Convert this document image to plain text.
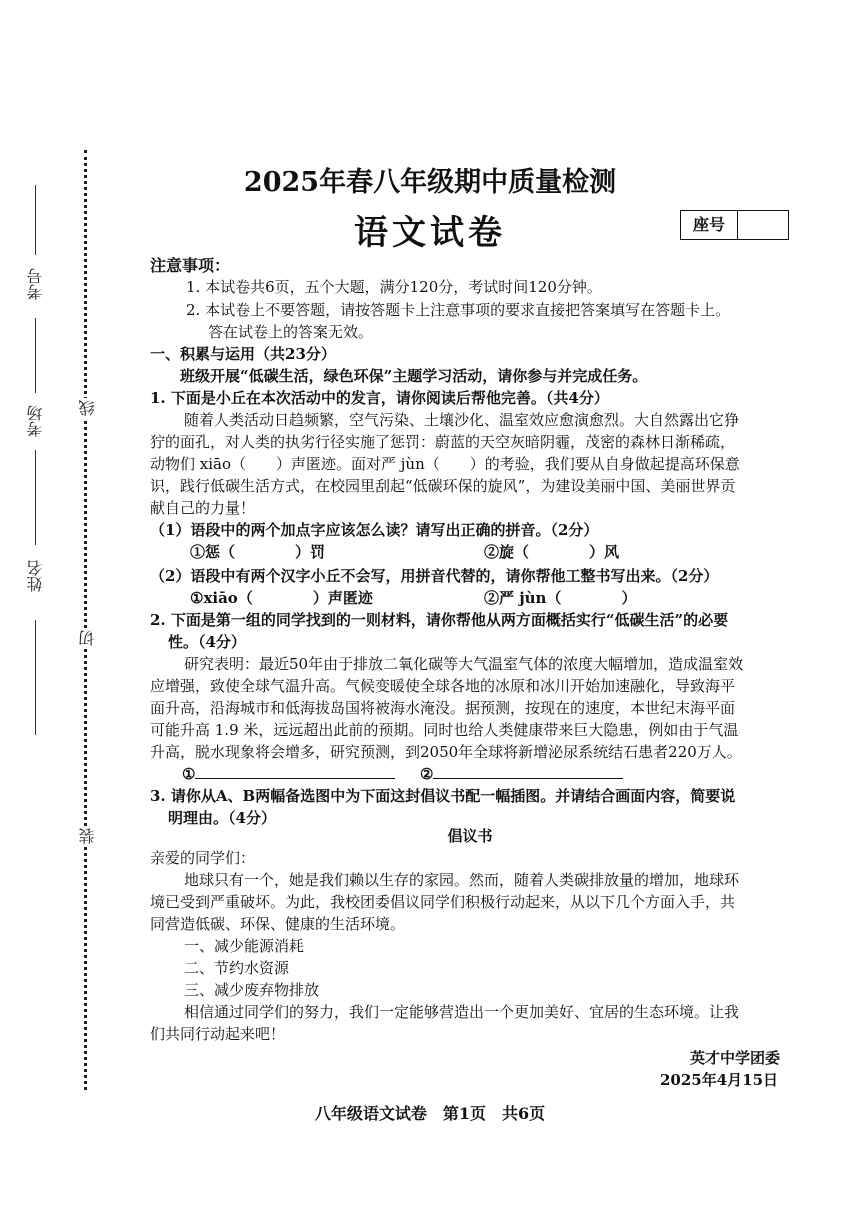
考号
考场
姓名
线
切
装
2025年春八年级期中质量检测
语文试卷	座号
注意事项：
1. 本试卷共6页，五个大题，满分120分，考试时间120分钟。
2. 本试卷上不要答题，请按答题卡上注意事项的要求直接把答案填写在答题卡上。
答在试卷上的答案无效。
一、积累与运用（共23分）
班级开展“低碳生活，绿色环保”主题学习活动，请你参与并完成任务。
1. 下面是小丘在本次活动中的发言，请你阅读后帮他完善。（共4分）
随着人类活动日趋频繁，空气污染、土壤沙化、温室效应愈演愈烈。大自然露出它狰
狞的面孔，对人类的执劣行径实施了惩罚：蔚蓝的天空灰暗阴霾，茂密的森林日渐稀疏，
动物们 xiāo（　　）声匿迹。面对严 jùn（　　）的考验，我们要从自身做起提高环保意
识，践行低碳生活方式，在校园里刮起“低碳环保的旋风”，为建设美丽中国、美丽世界贡
献自己的力量！
（1）语段中的两个加点字应该怎么读？请写出正确的拼音。（2分）
①惩（　　　　）罚	②旋（　　　　）风
（2）语段中有两个汉字小丘不会写，用拼音代替的，请你帮他工整书写出来。（2分）
①xiāo（　　　　）声匿迹	②严 jùn（　　　　）
2. 下面是第一组的同学找到的一则材料，请你帮他从两方面概括实行“低碳生活”的必要
性。（4分）
研究表明：最近50年由于排放二氧化碳等大气温室气体的浓度大幅增加，造成温室效
应增强，致使全球气温升高。气候变暖使全球各地的冰原和冰川开始加速融化，导致海平
面升高，沿海城市和低海拔岛国将被海水淹没。据预测，按现在的速度，本世纪末海平面
可能升高 1.9 米，远远超出此前的预期。同时也给人类健康带来巨大隐患，例如由于气温
升高，脱水现象将会增多，研究预测，到2050年全球将新增泌尿系统结石患者220万人。
①	②
3. 请你从A、B两幅备选图中为下面这封倡议书配一幅插图。并请结合画面内容，简要说
明理由。（4分）
倡议书
亲爱的同学们：
地球只有一个，她是我们赖以生存的家园。然而，随着人类碳排放量的增加，地球环
境已受到严重破坏。为此，我校团委倡议同学们积极行动起来，从以下几个方面入手，共
同营造低碳、环保、健康的生活环境。
一、减少能源消耗
二、节约水资源
三、减少废弃物排放
相信通过同学们的努力，我们一定能够营造出一个更加美好、宜居的生态环境。让我
们共同行动起来吧！
英才中学团委
2025年4月15日
八年级语文试卷　第1页　共6页
